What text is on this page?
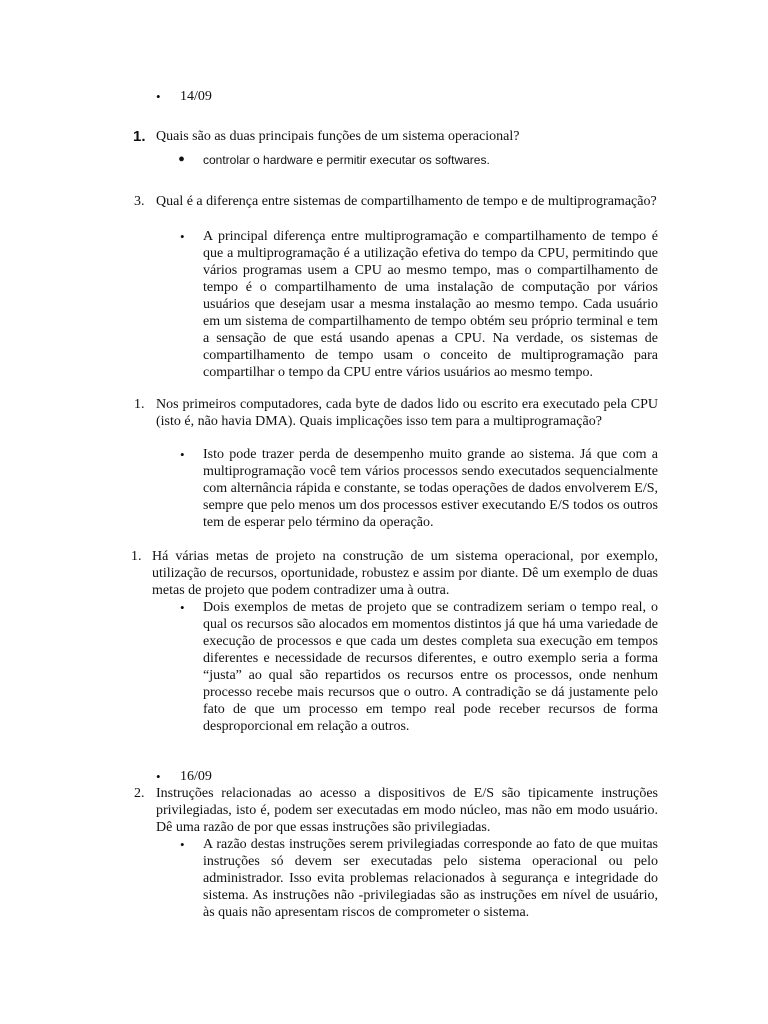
• 14/09
1. Quais são as duas principais funções de um sistema operacional?
• controlar o hardware e permitir executar os softwares.
3. Qual é a diferença entre sistemas de compartilhamento de tempo e de multiprogramação?
• A principal diferença entre multiprogramação e compartilhamento de tempo é que a multiprogramação é a utilização efetiva do tempo da CPU, permitindo que vários programas usem a CPU ao mesmo tempo, mas o compartilhamento de tempo é o compartilhamento de uma instalação de computação por vários usuários que desejam usar a mesma instalação ao mesmo tempo. Cada usuário em um sistema de compartilhamento de tempo obtém seu próprio terminal e tem a sensação de que está usando apenas a CPU. Na verdade, os sistemas de compartilhamento de tempo usam o conceito de multiprogramação para compartilhar o tempo da CPU entre vários usuários ao mesmo tempo.
1. Nos primeiros computadores, cada byte de dados lido ou escrito era executado pela CPU (isto é, não havia DMA). Quais implicações isso tem para a multiprogramação?
• Isto pode trazer perda de desempenho muito grande ao sistema. Já que com a multiprogramação você tem vários processos sendo executados sequencialmente com alternância rápida e constante, se todas operações de dados envolverem E/S, sempre que pelo menos um dos processos estiver executando E/S todos os outros tem de esperar pelo término da operação.
1. Há várias metas de projeto na construção de um sistema operacional, por exemplo, utilização de recursos, oportunidade, robustez e assim por diante. Dê um exemplo de duas metas de projeto que podem contradizer uma à outra.
• Dois exemplos de metas de projeto que se contradizem seriam o tempo real, o qual os recursos são alocados em momentos distintos já que há uma variedade de execução de processos e que cada um destes completa sua execução em tempos diferentes e necessidade de recursos diferentes, e outro exemplo seria a forma “justa” ao qual são repartidos os recursos entre os processos, onde nenhum processo recebe mais recursos que o outro. A contradição se dá justamente pelo fato de que um processo em tempo real pode receber recursos de forma desproporcional em relação a outros.
• 16/09
2. Instruções relacionadas ao acesso a dispositivos de E/S são tipicamente instruções privilegiadas, isto é, podem ser executadas em modo núcleo, mas não em modo usuário. Dê uma razão de por que essas instruções são privilegiadas.
• A razão destas instruções serem privilegiadas corresponde ao fato de que muitas instruções só devem ser executadas pelo sistema operacional ou pelo administrador. Isso evita problemas relacionados à segurança e integridade do sistema. As instruções não -privilegiadas são as instruções em nível de usuário, às quais não apresentam riscos de comprometer o sistema.
